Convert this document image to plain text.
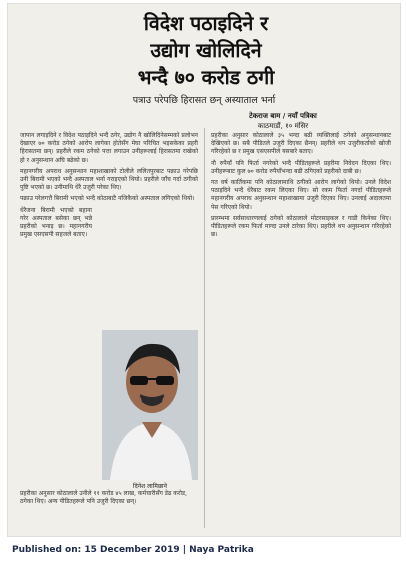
विदेश पठाइदिने र
उद्योग खोलिदिने
भन्दै ७० करोड ठगी
पत्राउ परेपछि हिरासत छन् अस्याताल भर्ना
टेकराज बाम / नयाँ पत्रिका
काठमाडौं, १० मंसिर

जापान लगाइदिने र विदेश पठाइदिने भन्दै ठगेर, उद्योग नै खोलिदिनेसम्मको प्रलोभन देखाएर ७० करोड ठगेको आरोप लागेका होतेसँग मेघा परिचित भइसकेका प्रहरी हिरासतमा छन्। प्रहरीले रकम ठगेको पत्ता लगाउन उनीहरूलाई हिरासतमा राखेको हो र अनुसन्धान अघि बढेको छ।

महानगरीय अपराध अनुसन्धान महाशाखाको टोलीले ललितपुरबाट पक्राउ गरेपछि उनी बिरामी भएको भन्दै अस्पताल भर्ना गराइएको थियो। प्रहरीले जाँच गर्दा ठगीको पुष्टि भएको छ। उनीमाथि धेरै उजुरी परेका थिए।

पक्राउ परेलगत्तै बिरामी भएको भन्दै कोठाबाटै नजिकैको अस्पताल लगिएको थियो।

धेरैजना बिरामी भएको बहाना गरेर अस्पताल बसेका छन् भन्ने प्रहरीको भनाइ छ। महानगरीय प्रमुख एसएसपी सहजले बताए।

दिनेश लामिछाने
प्रहरीका अनुसार कोठालाले उनीले ११ करोड ४५ लाख, कर्मचारीसँग डेढ करोड, ठगेका थिए। अन्य पीडितहरूले पनि उजुरी दिएका छन्।

प्रहरीका अनुसार कोठालाले ३५ भन्दा बढी व्यक्तिलाई ठगेको अनुसन्धानबाट देखिएको छ। सबै पीडितले उजुरी दिएका छैनन्। प्रहरीले थप उजुरीकर्ताको खोजी गरिरहेको छ र प्रमुख एसएसपीले यसबारे बताए।

नौ रुपैयाँ पनि फिर्ता नगरेको भन्दै पीडितहरूले प्रहरीमा निवेदन दिएका थिए। उनीहरूबाट कुल ७० करोड रुपैयाँभन्दा बढी ठगिएको प्रहरीको दाबी छ।

गत वर्ष कार्तिकमा पनि कोठालामाथि ठगीको आरोप लागेको थियो। उनले विदेश पठाइदिने भन्दै धेरैबाट रकम लिएका थिए। सो रकम फिर्ता नगर्दा पीडितहरूले महानगरीय अपराध अनुसन्धान महाशाखामा उजुरी दिएका थिए। उनलाई अदालतमा पेस गरिएको थियो।

प्रारम्भमा सर्वसाधारणलाई ठगेको कोठालाले मोटरसाइकल र गाडी किनेका थिए। पीडितहरूले रकम फिर्ता माग्दा उनले टारेका थिए। प्रहरीले थप अनुसन्धान गरिरहेको छ।

Published on: 15 December 2019 | Naya Patrika
